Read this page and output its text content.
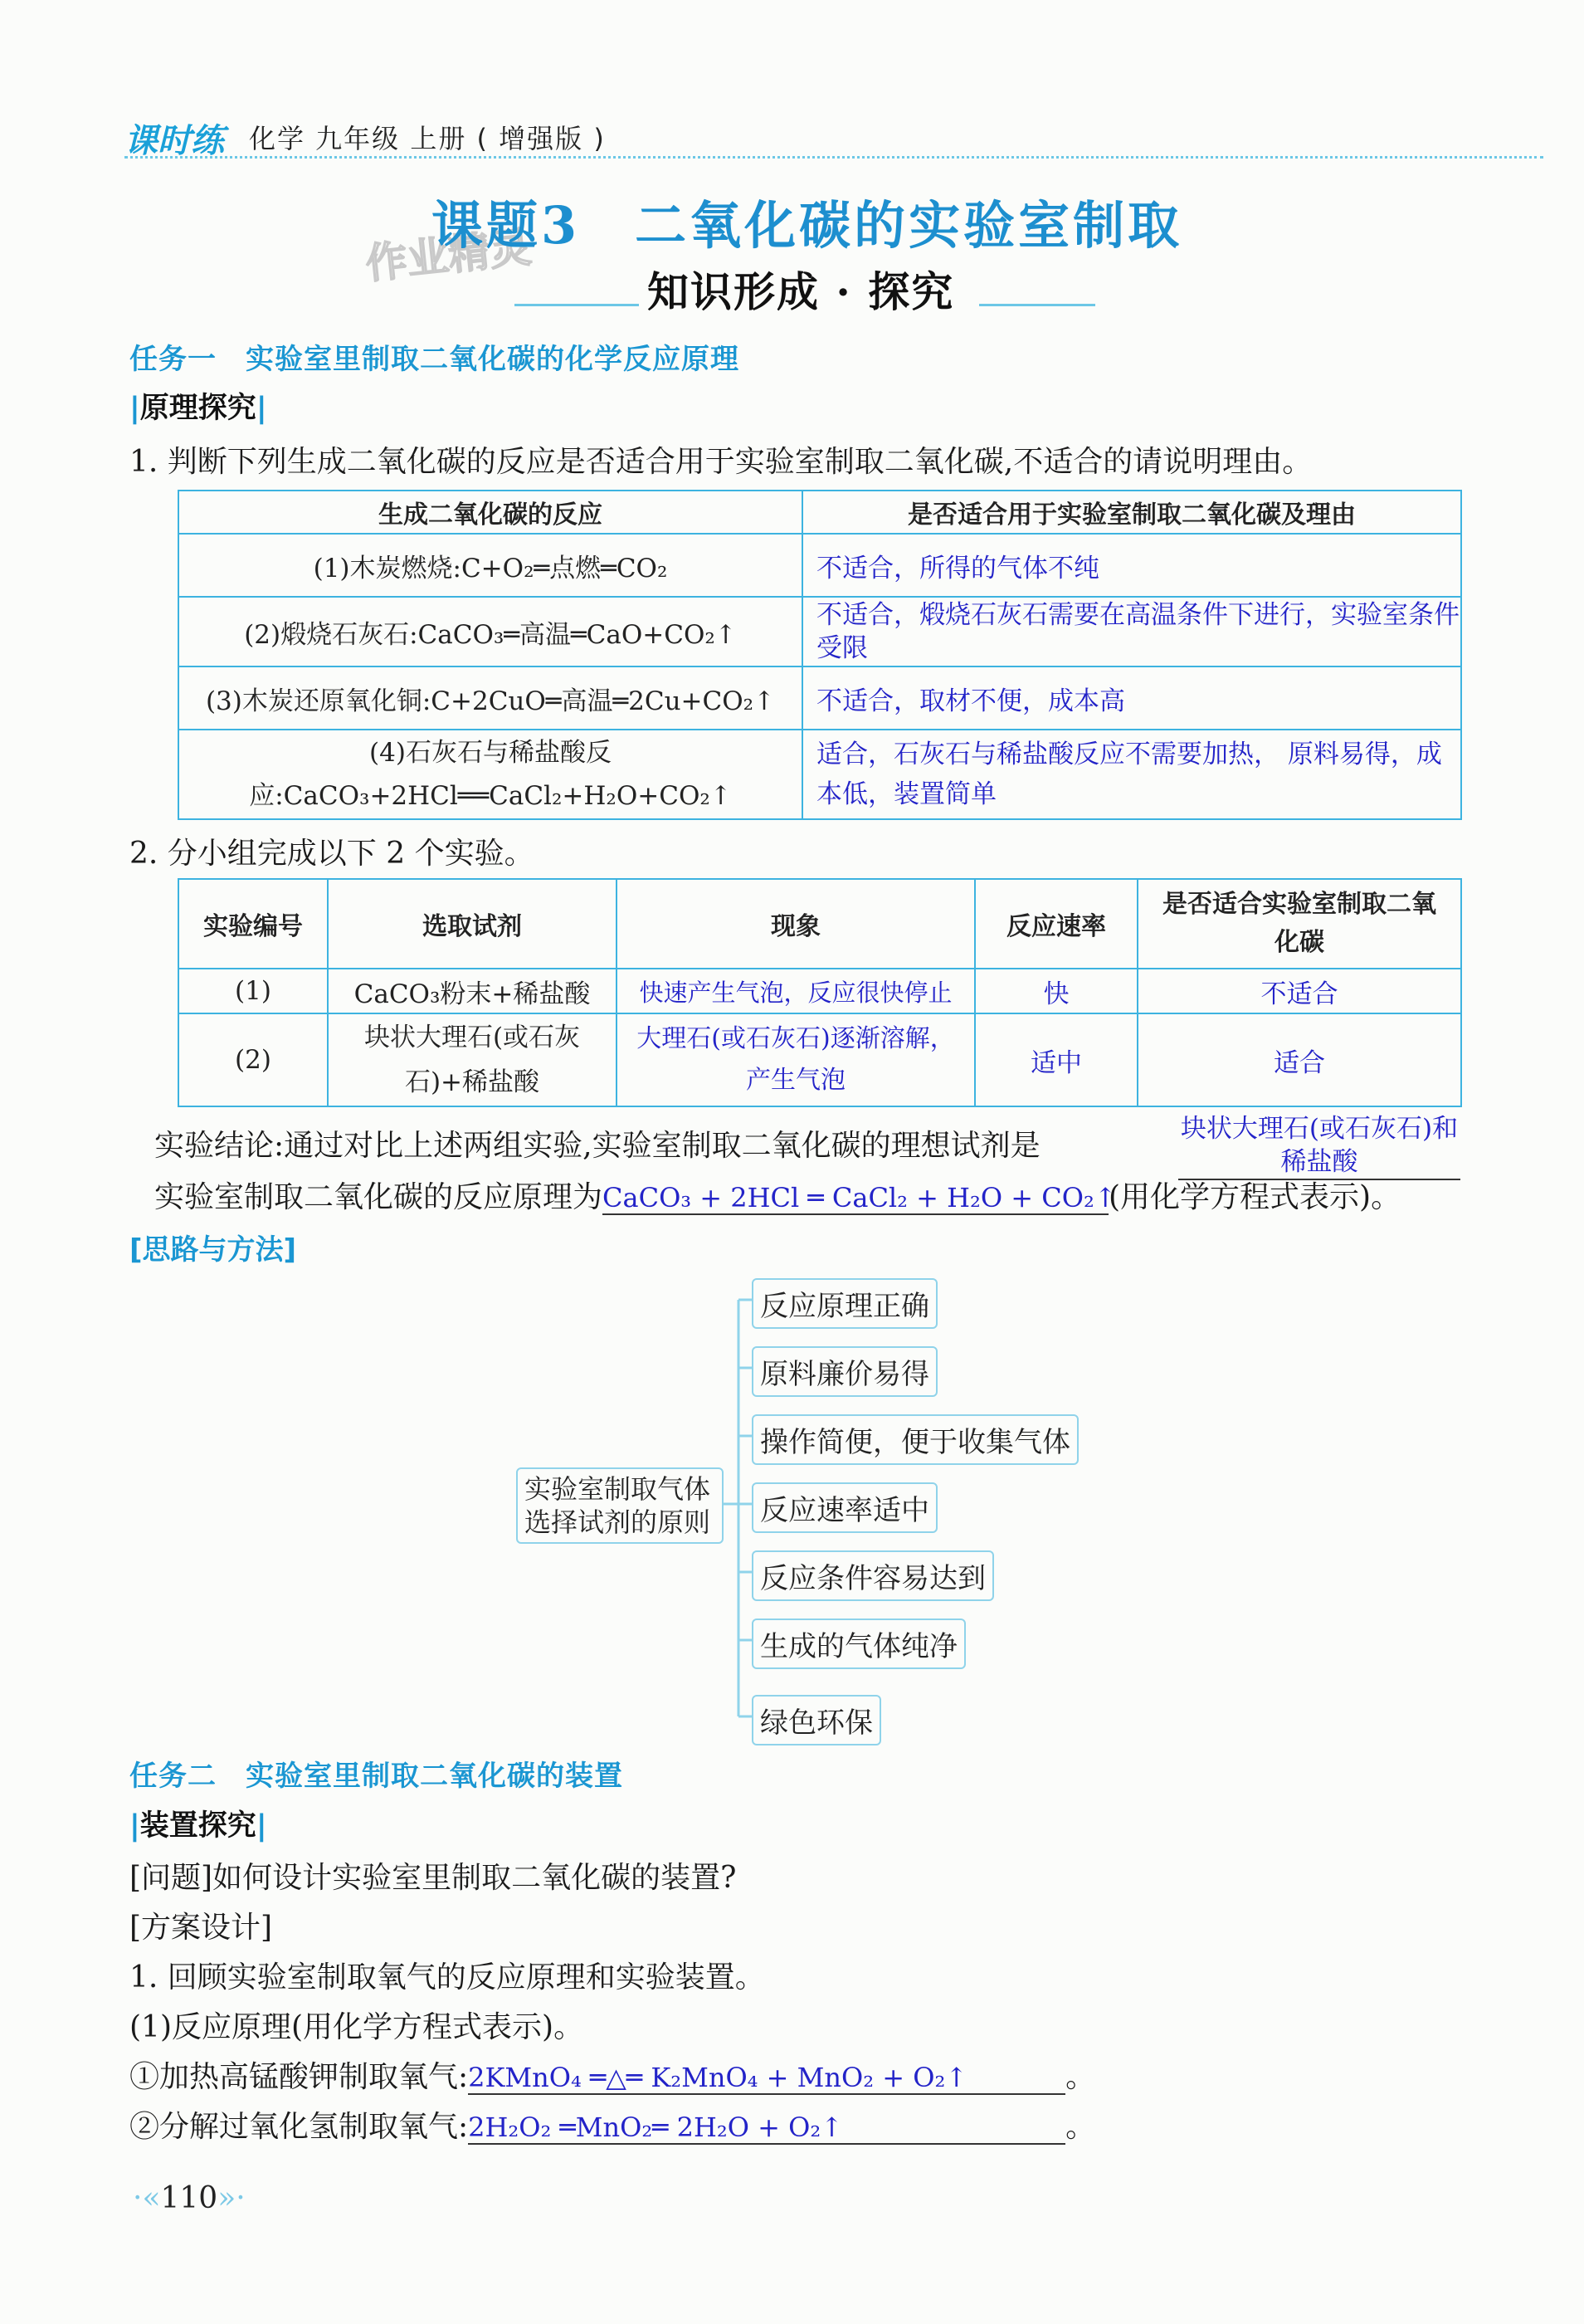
课时练 化学 九年级 上册 ( 增强版 )
作业精灵
课题3　二氧化碳的实验室制取
知识形成 · 探究
任务一　实验室里制取二氧化碳的化学反应原理
|原理探究|
1. 判断下列生成二氧化碳的反应是否适合用于实验室制取二氧化碳,不适合的请说明理由。
生成二氧化碳的反应	是否适合用于实验室制取二氧化碳及理由
(1)木炭燃烧:C+O₂═点燃═CO₂	不适合，所得的气体不纯
(2)煅烧石灰石:CaCO₃═高温═CaO+CO₂↑	不适合，煅烧石灰石需要在高温条件下进行，实验室条件受限
(3)木炭还原氧化铜:C+2CuO═高温═2Cu+CO₂↑	不适合，取材不便，成本高
(4)石灰石与稀盐酸反应:CaCO₃+2HCl══CaCl₂+H₂O+CO₂↑	适合，石灰石与稀盐酸反应不需要加热， 原料易得，成本低，装置简单
2. 分小组完成以下 2 个实验。
实验编号	选取试剂	现象	反应速率	是否适合实验室制取二氧化碳
(1)	CaCO₃粉末+稀盐酸	快速产生气泡，反应很快停止	快	不适合
(2)	块状大理石(或石灰石)+稀盐酸	大理石(或石灰石)逐渐溶解，产生气泡	适中	适合
实验结论:通过对比上述两组实验,实验室制取二氧化碳的理想试剂是	块状大理石(或石灰石)和稀盐酸
实验室制取二氧化碳的反应原理为CaCO₃ + 2HCl ═ CaCl₂ + H₂O + CO₂↑(用化学方程式表示)。
[思路与方法]
实验室制取气体选择试剂的原则
反应原理正确
原料廉价易得
操作简便，便于收集气体
反应速率适中
反应条件容易达到
生成的气体纯净
绿色环保
任务二　实验室里制取二氧化碳的装置
|装置探究|
[问题]如何设计实验室里制取二氧化碳的装置?
[方案设计]
1. 回顾实验室制取氧气的反应原理和实验装置。
(1)反应原理(用化学方程式表示)。
①加热高锰酸钾制取氧气:2KMnO₄ ═△═ K₂MnO₄ + MnO₂ + O₂↑	。
②分解过氧化氢制取氧气:2H₂O₂ ═MnO₂═ 2H₂O + O₂↑	。
·«110»·
